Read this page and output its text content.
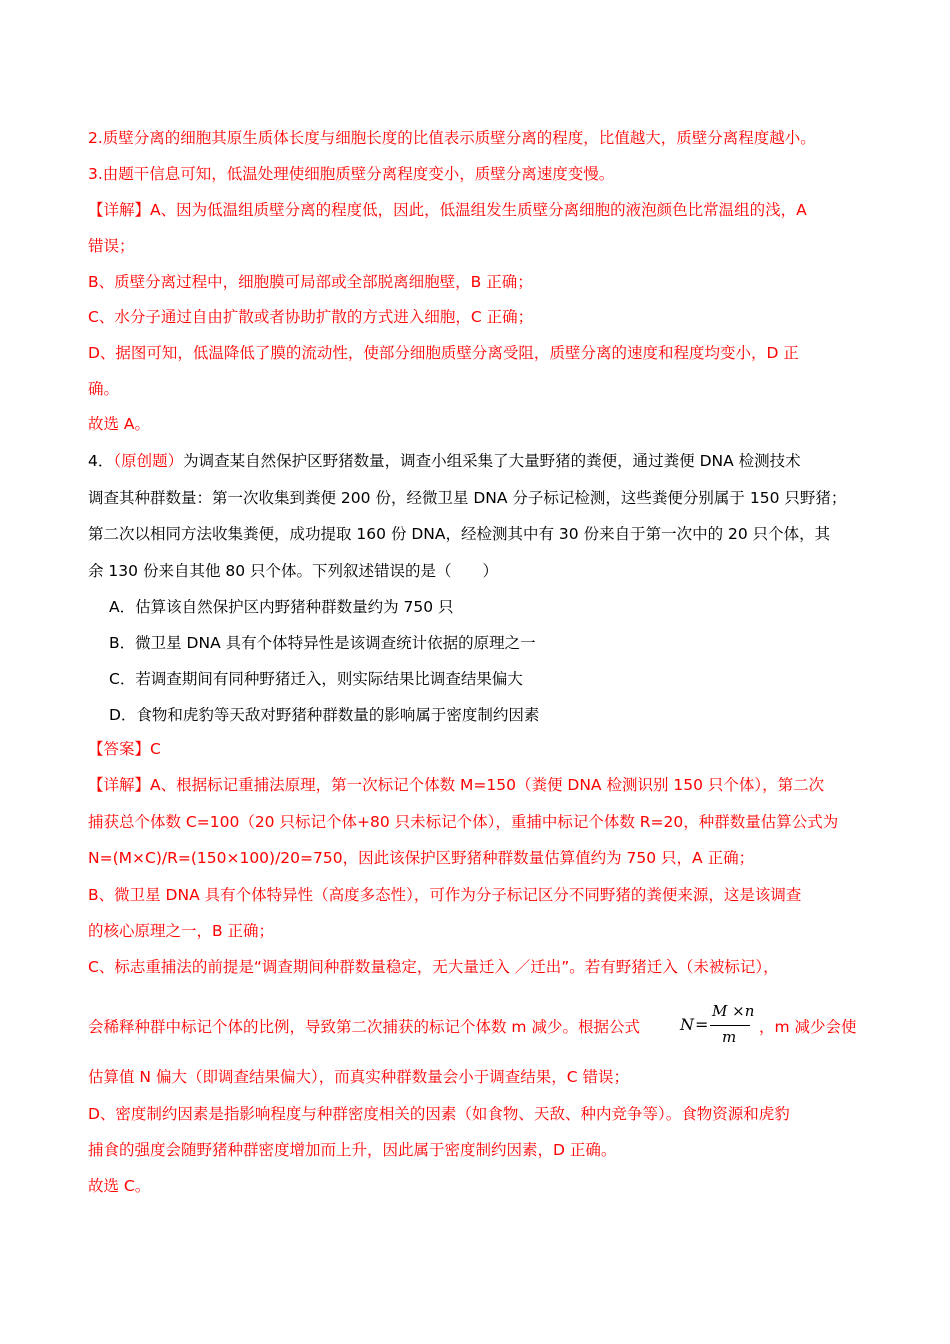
2.质壁分离的细胞其原生质体长度与细胞长度的比值表示质壁分离的程度，比值越大，质壁分离程度越小。
3.由题干信息可知，低温处理使细胞质壁分离程度变小，质壁分离速度变慢。
【详解】A、因为低温组质壁分离的程度低，因此，低温组发生质壁分离细胞的液泡颜色比常温组的浅，A
错误；
B、质壁分离过程中，细胞膜可局部或全部脱离细胞壁，B 正确；
C、水分子通过自由扩散或者协助扩散的方式进入细胞，C 正确；
D、据图可知，低温降低了膜的流动性，使部分细胞质壁分离受阻，质壁分离的速度和程度均变小，D 正
确。
故选 A。
4．（原创题）为调查某自然保护区野猪数量，调查小组采集了大量野猪的粪便，通过粪便 DNA 检测技术
调查其种群数量：第一次收集到粪便 200 份，经微卫星 DNA 分子标记检测，这些粪便分别属于 150 只野猪；
第二次以相同方法收集粪便，成功提取 160 份 DNA，经检测其中有 30 份来自于第一次中的 20 只个体，其
余 130 份来自其他 80 只个体。下列叙述错误的是（　　）
A．估算该自然保护区内野猪种群数量约为 750 只
B．微卫星 DNA 具有个体特异性是该调查统计依据的原理之一
C．若调查期间有同种野猪迁入，则实际结果比调查结果偏大
D．食物和虎豹等天敌对野猪种群数量的影响属于密度制约因素
【答案】C
【详解】A、根据标记重捕法原理，第一次标记个体数 M=150（粪便 DNA 检测识别 150 只个体），第二次
捕获总个体数 C=100（20 只标记个体+80 只未标记个体），重捕中标记个体数 R=20，种群数量估算公式为
N=(M×C)/R=(150×100)/20=750，因此该保护区野猪种群数量估算值约为 750 只，A 正确；
B、微卫星 DNA 具有个体特异性（高度多态性），可作为分子标记区分不同野猪的粪便来源，这是该调查
的核心原理之一，B 正确；
C、标志重捕法的前提是“调查期间种群数量稳定，无大量迁入 ／迁出”。若有野猪迁入（未被标记），
会稀释种群中标记个体的比例，导致第二次捕获的标记个体数 m 减少。根据公式	N =
M ×n
m
，m 减少会使
估算值 N 偏大（即调查结果偏大），而真实种群数量会小于调查结果，C 错误；
D、密度制约因素是指影响程度与种群密度相关的因素（如食物、天敌、种内竞争等）。食物资源和虎豹
捕食的强度会随野猪种群密度增加而上升，因此属于密度制约因素，D 正确。
故选 C。
